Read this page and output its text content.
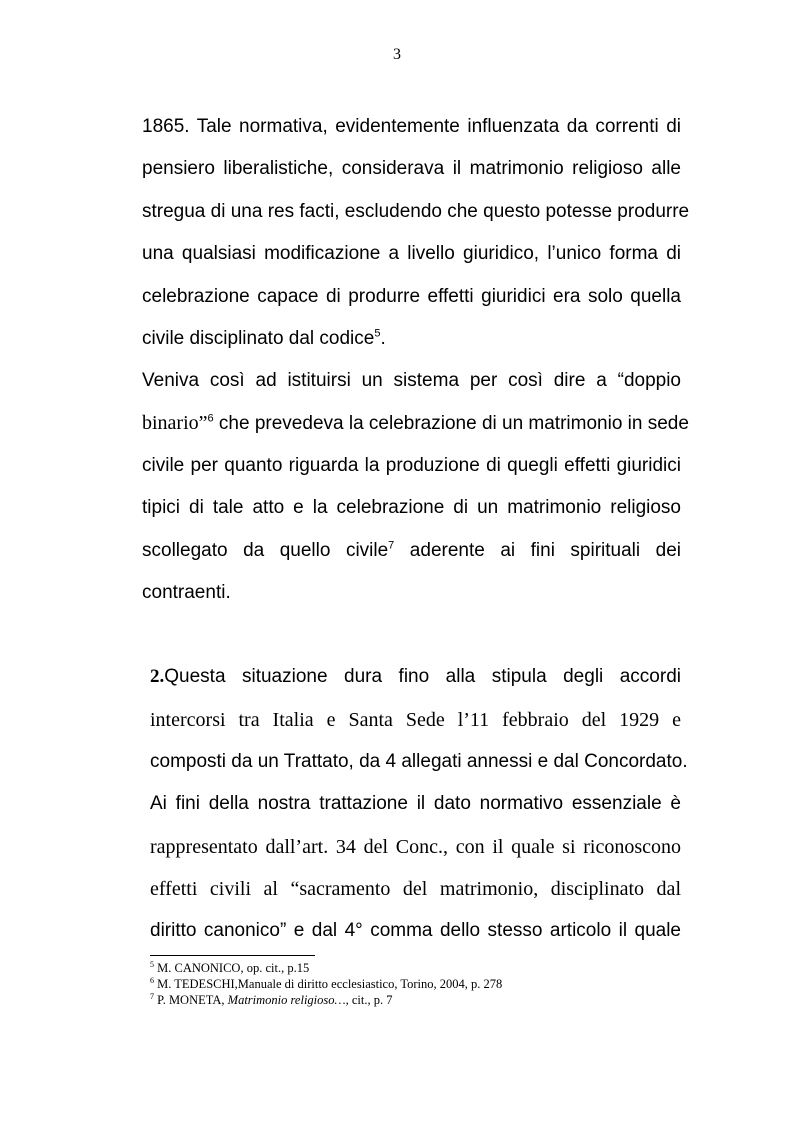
3
1865. Tale normativa, evidentemente influenzata da correnti di
pensiero liberalistiche, considerava il matrimonio religioso alle
stregua di una res facti, escludendo che questo potesse produrre
una qualsiasi modificazione a livello giuridico, l’unico forma di
celebrazione capace di produrre effetti giuridici era solo quella
civile disciplinato dal codice$^5$.
Veniva così ad istituirsi un sistema per così dire a “doppio
binario”$^6$ che prevedeva la celebrazione di un matrimonio in sede
civile per quanto riguarda la produzione di quegli effetti giuridici
tipici di tale atto e la celebrazione di un matrimonio religioso
scollegato da quello civile$^7$ aderente ai fini spirituali dei
contraenti.
2.Questa situazione dura fino alla stipula degli accordi
intercorsi tra Italia e Santa Sede l’11 febbraio del 1929 e
composti da un Trattato, da 4 allegati annessi e dal Concordato.
Ai fini della nostra trattazione il dato normativo essenziale è
rappresentato dall’art. 34 del Conc., con il quale si riconoscono
effetti civili al “sacramento del matrimonio, disciplinato dal
diritto canonico” e dal 4° comma dello stesso articolo il quale
$^5$ M. CANONICO, op. cit., p.15
$^6$ M. TEDESCHI,Manuale di diritto ecclesiastico, Torino, 2004, p. 278
$^7$ P. MONETA, Matrimonio religioso…, cit., p. 7
